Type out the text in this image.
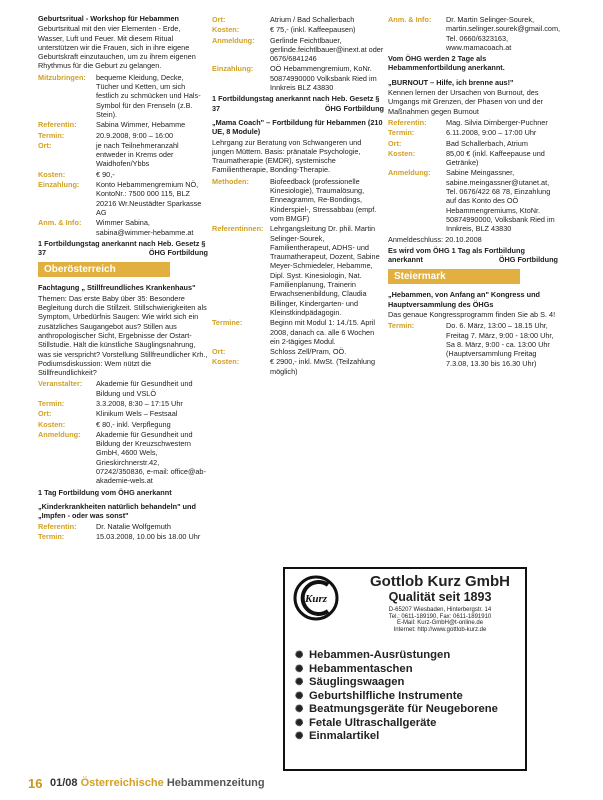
Geburtsritual - Workshop für Hebammen
Geburtsritual mit den vier Elementen - Erde, Wasser, Luft und Feuer. Mit diesem Ritual unterstützen wir die Frauen, sich in ihre eigene Geburtskraft einzutauchen, um zu ihrem eigenen Rhythmus für die Geburt zu gelangen.
Mitzubringen:	bequeme Kleidung, Decke, Tücher und Ketten, um sich festlich zu schmücken und Hals-Symbol für den Frenseln (z.B. Stein).
Referentin:	Sabina Wimmer, Hebamme
Termin:	20.9.2008, 9:00 – 16:00
Ort:	je nach Teilnehmeranzahl entweder in Krems oder Waidhofen/Ybbs
Kosten:	€ 90,-
Einzahlung:	Konto Hebammengremium NÖ, KontoNr.: 7500 000 115, BLZ 20216 Wr.Neustädter Sparkasse AG
Anm. & Info:	Wimmer Sabina, sabina@wimmer-hebamme.at
1 Fortbildungstag anerkannt nach Heb. Gesetz § 37	ÖHG Fortbildung
Oberösterreich
Fachtagung „ Stillfreundliches Krankenhaus"
Themen: Das erste Baby über 35: Besondere Begleitung durch die Stillzeit. Stillschwierigkeiten als Symptom, Urbedürfnis Saugen: Wie wirkt sich ein zusätzliches Saugangebot aus? Stillen aus anthropologischer Sicht, Ergebnisse der Ostart-Stillstudie. Hält die künstliche Säuglingsnahrung, was sie verspricht? Vorstellung Stillfreundlicher Krh., Podiumsdiskussion: Wem nützt die Stillfreundlichkeit?
Veranstalter:	Akademie für Gesundheit und Bildung und VSLÖ
Termin:	3.3.2008, 8:30 – 17:15 Uhr
Ort:	Klinikum Wels – Festsaal
Kosten:	€ 80,- inkl. Verpflegung
Anmeldung:	Akademie für Gesundheit und Bildung der Kreuzschwestern GmbH, 4600 Wels, Grieskirchnerstr.42, 07242/350836, e-mail: office@ab-akademie-wels.at
1 Tag Fortbildung vom ÖHG anerkannt
„Kinderkrankheiten natürlich behandeln" und „Impfen - oder was sonst"
Referentin:	Dr. Natalie Wolfgemuth
Termin:	15.03.2008, 10.00 bis 18.00 Uhr
Ort:	Atrium / Bad Schallerbach
Kosten:	€ 75,- (inkl. Kaffeepausen)
Anmeldung:	Gerlinde Feichtlbauer, gerlinde.feichtlbauer@inext.at oder 0676/6841246
Einzahlung:	OÖ Hebammengremium, KoNr. 50874990000 Volksbank Ried im Innkreis BLZ 43830
1 Fortbildungstag anerkannt nach Heb. Gesetz § 37	ÖHG Fortbildung
„Mama Coach" – Fortbildung für Hebammen (210 UE, 8 Module)
Lehrgang zur Beratung von Schwangeren und jungen Müttern. Basis: pränatale Psychologie, Traumatherapie (EMDR), systemische Familientherapie, Bonding-Therapie.
Methoden:	Biofeedback (professionelle Kinesiologie), Traumalösung, Enneagramm, Re-Bondings, Kinderspiel-, Stressabbau (empf. vom BMGF)
Referentinnen: Lehrgangsleitung Dr. phil. Martin Selinger-Sourek, Familientherapeut, ADHS- und Traumatherapeut, Dozent, Sabine Meyer-Schmiedeler, Hebamme, Dipl. Syst. Kinesiologin, Nat. Familienplanung, Trainerin Erwachsenenbildung, Claudia Billinger, Kindergarten- und Kleinstkindpädagogin.
Termine:	Beginn mit Modul 1: 14./15. April 2008, danach ca. alle 6 Wochen ein 2-tägiges Modul.
Ort:	Schloss Zell/Pram, OÖ.
Kosten:	€ 2900,- inkl. MwSt. (Teilzahlung möglich)
Anm. & Info:	Dr. Martin Selinger-Sourek, martin.selinger.sourek@gmail.com, Tel. 0660/6323163, www.mamacoach.at
Vom ÖHG werden 2 Tage als Hebammenfortbildung anerkannt.
„BURNOUT – Hilfe, ich brenne aus!"
Kennen lernen der Ursachen von Burnout, des Umgangs mit Grenzen, der Phasen von und der Maßnahmen gegen Burnout
Referentin:	Mag. Silvia Dirnberger-Puchner
Termin:	6.11.2008, 9:00 – 17:00 Uhr
Ort:	Bad Schallerbach, Atrium
Kosten:	85,00 € (inkl. Kaffeepause und Getränke)
Anmeldung:	Sabine Meingassner, sabine.meingassner@utanet.at, Tel. 0676/422 68 78, Einzahlung auf das Konto des OÖ Hebammengremiums, KtoNr. 50874990000, Volksbank Ried im Innkreis, BLZ 43830
Anmeldeschluss: 20.10.2008
Es wird vom ÖHG 1 Tag als Fortbildung anerkannt	ÖHG Fortbildung
Steiermark
„Hebammen, von Anfang an" Kongress und Hauptversammlung des ÖHGs
Das genaue Kongressprogramm finden Sie ab S. 4!
Termin:	Do. 6. März, 13:00 – 18.15 Uhr, Freitag 7. März, 9:00 - 18:00 Uhr, Sa 8. März, 9:00 - ca. 13:00 Uhr (Hauptversammlung Freitag 7.3.08, 13.30 bis 16.30 Uhr)
Kurz
Gottlob Kurz GmbH
Qualität seit 1893
D-65207 Wiesbaden, Hinterbergstr. 14
Tel.: 0611-189190, Fax: 0611-1891910
E-Mail: Kurz-GmbH@t-online.de
Internet: http://www.gottlob-kurz.de
✺ Hebammen-Ausrüstungen
✺ Hebammentaschen
✺ Säuglingswaagen
✺ Geburtshilfliche Instrumente
✺ Beatmungsgeräte für Neugeborene
✺ Fetale Ultraschallgeräte
✺ Einmalartikel
16 01/08 Österreichische Hebammenzeitung
